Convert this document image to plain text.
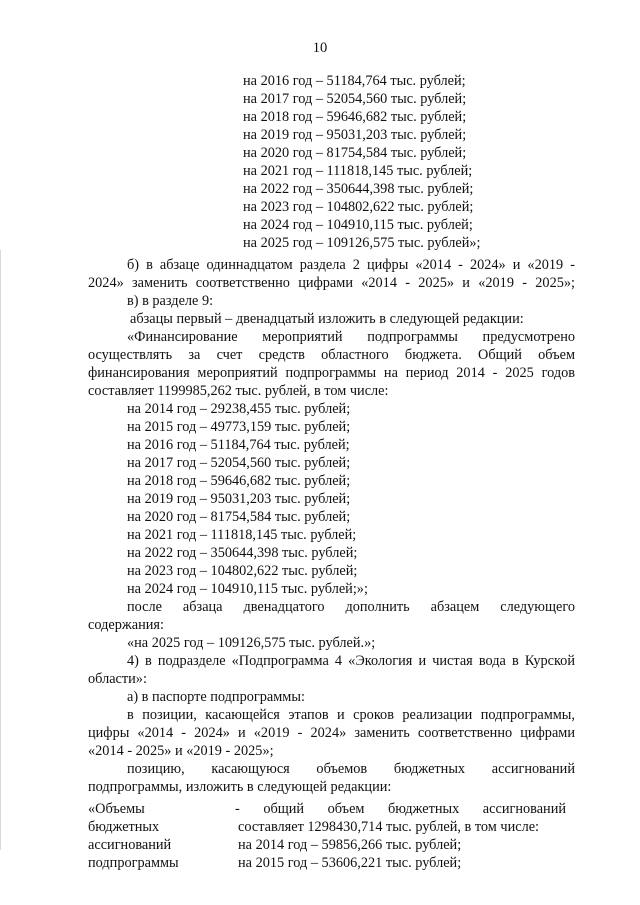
10
на 2016 год – 51184,764 тыс. рублей;
на 2017 год – 52054,560 тыс. рублей;
на 2018 год – 59646,682 тыс. рублей;
на 2019 год – 95031,203 тыс. рублей;
на 2020 год – 81754,584 тыс. рублей;
на 2021 год – 111818,145 тыс. рублей;
на 2022 год – 350644,398 тыс. рублей;
на 2023 год – 104802,622 тыс. рублей;
на 2024 год – 104910,115 тыс. рублей;
на 2025 год – 109126,575 тыс. рублей»;
б) в абзаце одиннадцатом раздела 2 цифры «2014 - 2024» и «2019 -
2024» заменить соответственно цифрами «2014 - 2025» и «2019 - 2025»;
в) в разделе 9:
абзацы первый – двенадцатый изложить в следующей редакции:
«Финансирование мероприятий подпрограммы предусмотрено
осуществлять за счет средств областного бюджета. Общий объем
финансирования мероприятий подпрограммы на период 2014 - 2025 годов
составляет 1199985,262 тыс. рублей, в том числе:
на 2014 год – 29238,455 тыс. рублей;
на 2015 год – 49773,159 тыс. рублей;
на 2016 год – 51184,764 тыс. рублей;
на 2017 год – 52054,560 тыс. рублей;
на 2018 год – 59646,682 тыс. рублей;
на 2019 год – 95031,203 тыс. рублей;
на 2020 год – 81754,584 тыс. рублей;
на 2021 год – 111818,145 тыс. рублей;
на 2022 год – 350644,398 тыс. рублей;
на 2023 год – 104802,622 тыс. рублей;
на 2024 год – 104910,115 тыс. рублей;»;
после абзаца двенадцатого дополнить абзацем следующего
содержания:
«на 2025 год – 109126,575 тыс. рублей.»;
4) в подразделе «Подпрограмма 4 «Экология и чистая вода в Курской
области»:
а) в паспорте подпрограммы:
в позиции, касающейся этапов и сроков реализации подпрограммы,
цифры «2014 - 2024» и «2019 - 2024» заменить соответственно цифрами
«2014 - 2025» и «2019 - 2025»;
позицию, касающуюся объемов бюджетных ассигнований
подпрограммы, изложить в следующей редакции:
«Объемы
бюджетных
ассигнований
подпрограммы
- общий объем бюджетных ассигнований
составляет 1298430,714 тыс. рублей, в том числе:
на 2014 год – 59856,266 тыс. рублей;
на 2015 год – 53606,221 тыс. рублей;
